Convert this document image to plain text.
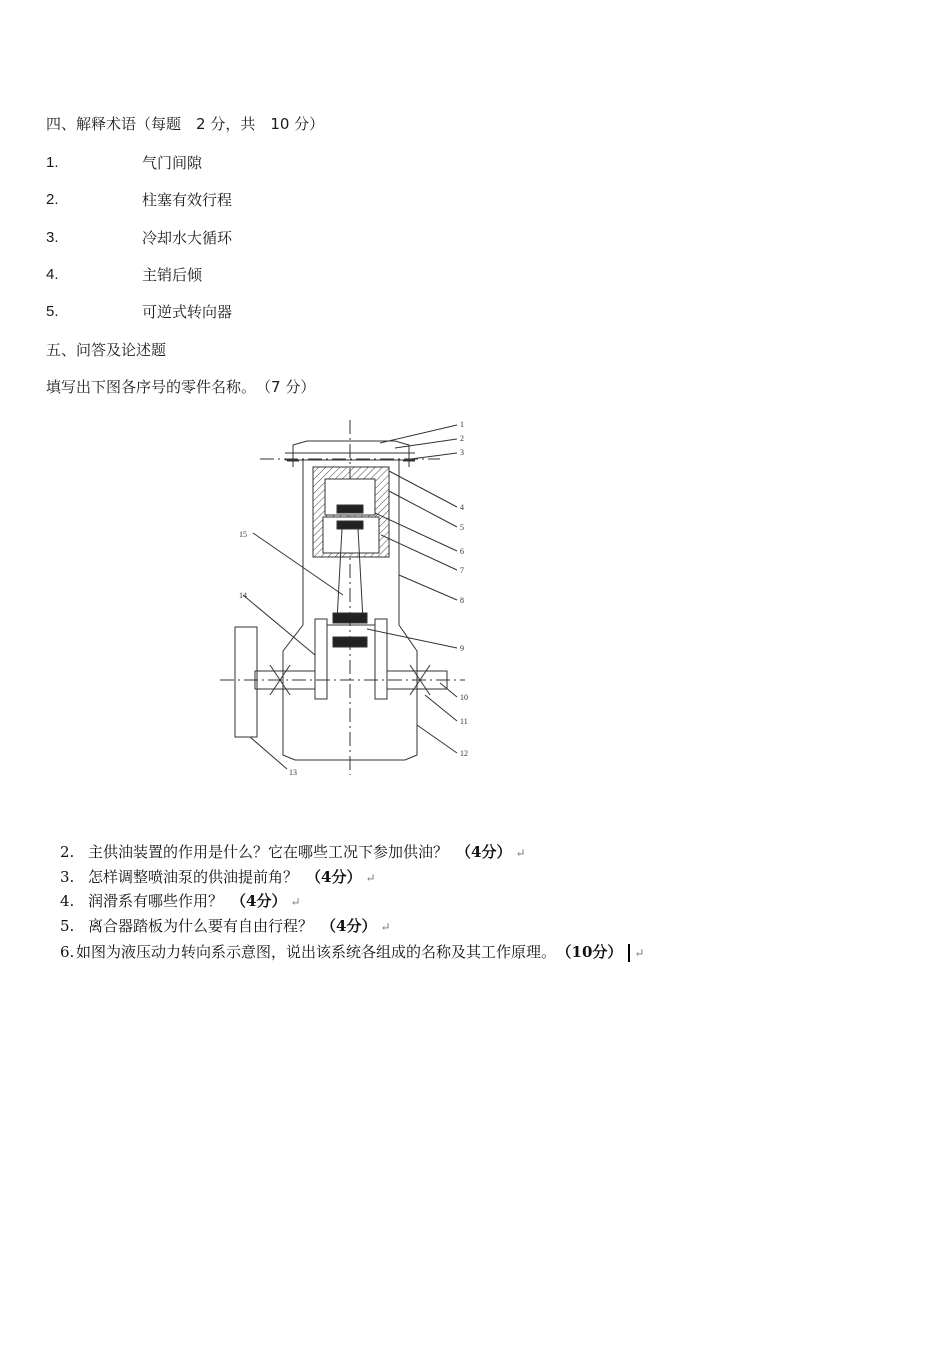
四、解释术语（每题　2 分，共　10 分）
1.	气门间隙
2.	柱塞有效行程
3.	冷却水大循环
4.	主销后倾
5.	可逆式转向器
五、问答及论述题
填写出下图各序号的零件名称。　（7 分）
1
2
3
4
5
6
7
8
9
10
11
12
13
14
15
2. 主供油装置的作用是什么？它在哪些工况下参加供油？ （4分） ↵
3. 怎样调整喷油泵的供油提前角？ （4分） ↵
4. 润滑系有哪些作用？ （4分） ↵
5. 离合器踏板为什么要有自由行程？ （4分） ↵
6. 如图为液压动力转向系示意图，说出该系统各组成的名称及其工作原理。 （10分） ↵
